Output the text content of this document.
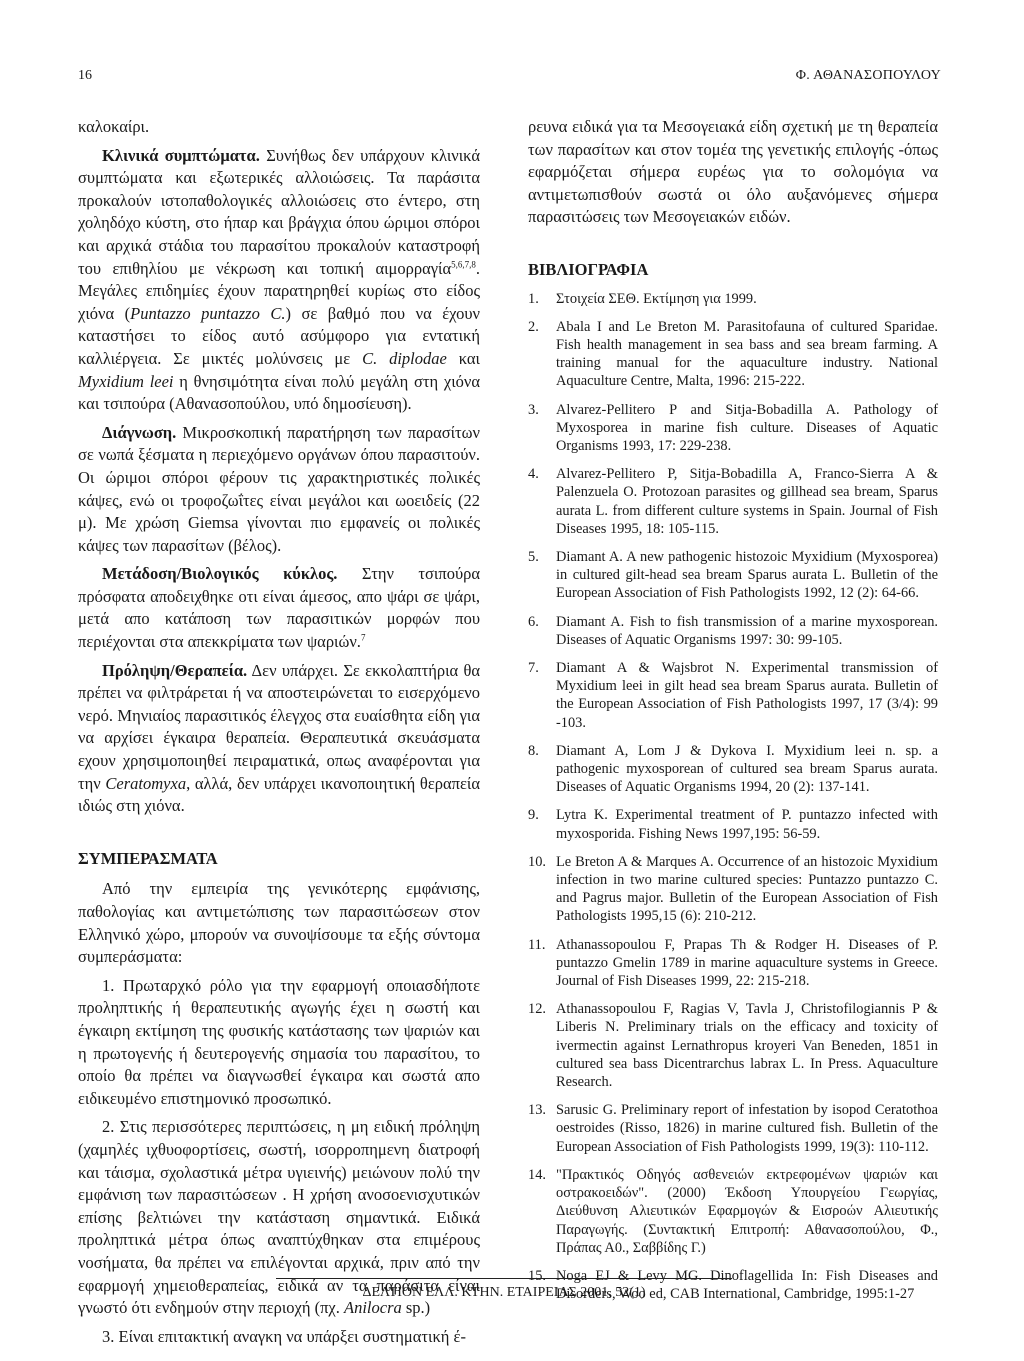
16	Φ. ΑΘΑΝΑΣΟΠΟΥΛΟΥ

καλοκαίρι.

Κλινικά συμπτώματα. Συνήθως δεν υπάρχουν κλινικά συμπτώματα και εξωτερικές αλλοιώσεις. Τα παράσιτα προκαλούν ιστοπαθολογικές αλλοιώσεις στο έντερο, στη χοληδόχο κύστη, στο ήπαρ και βράγχια όπου ώριμοι σπόροι και αρχικά στάδια του παρασίτου προκαλούν καταστροφή του επιθηλίου με νέκρωση και τοπική αιμορραγία$^{5,6,7,8}$. Μεγάλες επιδημίες έχουν παρατηρηθεί κυρίως στο είδος χιόνα (Puntazzo puntazzo C.) σε βαθμό που να έχουν καταστήσει το είδος αυτό ασύμφορο για εντατική καλλιέργεια. Σε μικτές μολύνσεις με C. diplodae και Myxidium leei η θνησιμότητα είναι πολύ μεγάλη στη χιόνα και τσιπούρα (Αθανασοπούλου, υπό δημοσίευση).

Διάγνωση. Μικροσκοπική παρατήρηση των παρασίτων σε νωπά ξέσματα η περιεχόμενο οργάνων όπου παρασιτούν. Οι ώριμοι σπόροι φέρουν τις χαρακτηριστικές πολικές κάψες, ενώ οι τροφοζωΐτες είναι μεγάλοι και ωοειδείς (22 μ). Με χρώση Giemsa γίνονται πιο εμφανείς οι πολικές κάψες των παρασίτων (βέλος).

Μετάδοση/Βιολογικός κύκλος. Στην τσιπούρα πρόσφατα αποδειχθηκε οτι είναι άμεσος, απο ψάρι σε ψάρι, μετά απο κατάποση των παρασιτικών μορφών που περιέχονται στα απεκκρίματα των ψαριών.$^7$

Πρόληψη/Θεραπεία. Δεν υπάρχει. Σε εκκολαπτήρια θα πρέπει να φιλτράρεται ή να αποστειρώνεται το εισερχόμενο νερό. Μηνιαίος παρασιτικός έλεγχος στα ευαίσθητα είδη για να αρχίσει έγκαιρα θεραπεία. Θεραπευτικά σκευάσματα εχουν χρησιμοποιηθεί πειραματικά, οπως αναφέρονται για την Ceratomyxa, αλλά, δεν υπάρχει ικανοποιητική θεραπεία ιδιώς στη χιόνα.

ΣΥΜΠΕΡΑΣΜΑΤΑ

Από την εμπειρία της γενικότερης εμφάνισης, παθολογίας και αντιμετώπισης των παρασιτώσεων στον Ελληνικό χώρο, μπορούν να συνοψίσουμε τα εξής σύντομα συμπεράσματα:

1. Πρωταρχκό ρόλο για την εφαρμογή οποιασδήποτε προληπτικής ή θεραπευτικής αγωγής έχει η σωστή και έγκαιρη εκτίμηση της φυσικής κατάστασης των ψαριών και η πρωτογενής ή δευτερογενής σημασία του παρασίτου, το οποίο θα πρέπει να διαγνωσθεί έγκαιρα και σωστά απο ειδικευμένο επιστημονικό προσωπικό.

2. Στις περισσότερες περιπτώσεις, η μη ειδική πρόληψη (χαμηλές ιχθυοφορτίσεις, σωστή, ισορροπημενη διατροφή και τάισμα, σχολαστικά μέτρα υγιεινής) μειώνουν πολύ την εμφάνιση των παρασιτώσεων . Η χρήση ανοσοενισχυτικών επίσης βελτιώνει την κατάσταση σημαντικά. Ειδικά προληπτικά μέτρα όπως αναπτύχθηκαν στα επιμέρους νοσήματα, θα πρέπει να επιλέγονται αρχικά, πριν από την εφαρμογή χημειοθεραπείας, ειδικά αν τα παράσιτα είναι γνωστό ότι ενδημούν στην περιοχή (πχ. Anilocra sp.)

3. Είναι επιτακτική αναγκη να υπάρξει συστηματική έ-

ρευνα ειδικά για τα Μεσογειακά είδη σχετική με τη θεραπεία των παρασίτων και στον τομέα της γενετικής επιλογής -όπως εφαρμόζεται σήμερα ευρέως για το σολομόγια να αντιμετωπισθούν σωστά οι όλο αυξανόμενες σήμερα παρασιτώσεις των Μεσογειακών ειδών.

ΒΙΒΛΙΟΓΡΑΦΙΑ
1.	Στοιχεία ΣΕΘ. Εκτίμηση για 1999.
2.	Abala I and Le Breton M. Parasitofauna of cultured Sparidae. Fish health management in sea bass and sea bream farming. A training manual for the aquaculture industry. National Aquaculture Centre, Malta, 1996: 215-222.
3.	Alvarez-Pellitero P and Sitja-Bobadilla A. Pathology of Myxosporea in marine fish culture. Diseases of Aquatic Organisms 1993, 17: 229-238.
4.	Alvarez-Pellitero P, Sitja-Bobadilla A, Franco-Sierra A & Palenzuela O. Protozoan parasites og gillhead sea bream, Sparus aurata L. from different culture systems in Spain. Journal of Fish Diseases 1995, 18: 105-115.
5.	Diamant A. A new pathogenic histozoic Myxidium (Myxosporea) in cultured gilt-head sea bream Sparus aurata L. Bulletin of the European Association of Fish Pathologists 1992, 12 (2): 64-66.
6.	Diamant A. Fish to fish transmission of a marine myxosporean. Diseases of Aquatic Organisms 1997: 30: 99-105.
7.	Diamant A & Wajsbrot N. Experimental transmission of Myxidium leei in gilt head sea bream Sparus aurata. Bulletin of the European Association of Fish Pathologists 1997, 17 (3/4): 99 -103.
8.	Diamant A, Lom J & Dykova I. Myxidium leei n. sp. a pathogenic myxosporean of cultured sea bream Sparus aurata. Diseases of Aquatic Organisms 1994, 20 (2): 137-141.
9.	Lytra K. Experimental treatment of P. puntazzo infected with myxosporida. Fishing News 1997,195: 56-59.
10. Le Breton A & Marques A. Occurrence of an histozoic Myxidium infection in two marine cultured species: Puntazzo puntazzo C. and Pagrus major. Bulletin of the European Association of Fish Pathologists 1995,15 (6): 210-212.
11. Athanassopoulou F, Prapas Th & Rodger H. Diseases of P. puntazzo Gmelin 1789 in marine aquaculture systems in Greece. Journal of Fish Diseases 1999, 22: 215-218.
12. Athanassopoulou F, Ragias V, Tavla J, Christofilogiannis P & Liberis N. Preliminary trials on the efficacy and toxicity of ivermectin against Lernathropus kroyeri Van Beneden, 1851 in cultured sea bass Dicentrarchus labrax L. In Press. Aquaculture Research.
13. Sarusic G. Preliminary report of infestation by isopod Ceratothoa oestroides (Risso, 1826) in marine cultured fish. Bulletin of the European Association of Fish Pathologists 1999, 19(3): 110-112.
14. "Πρακτικός Οδηγός ασθενειών εκτρεφομένων ψαριών και οστρακοειδών". (2000) Έκδοση Υπουργείου Γεωργίας, Διεύθυνση Αλιευτικών Εφαρμογών & Εισροών Αλιευτικής Παραγωγής. (Συντακτική Επιτροπή: Αθανασοπούλου, Φ., Πράπας Α0., Σαββίδης Γ.)
15. Noga EJ & Levy MG. Dinoflagellida In: Fish Diseases and Disorders, Woo ed, CAB International, Cambridge, 1995:1-27
ΔΕΛΤΙΟΝ ΕΛΛ. ΚΤΗΝ. ΕΤΑΙΡΕΙΑΣ 2001, 52(1)
